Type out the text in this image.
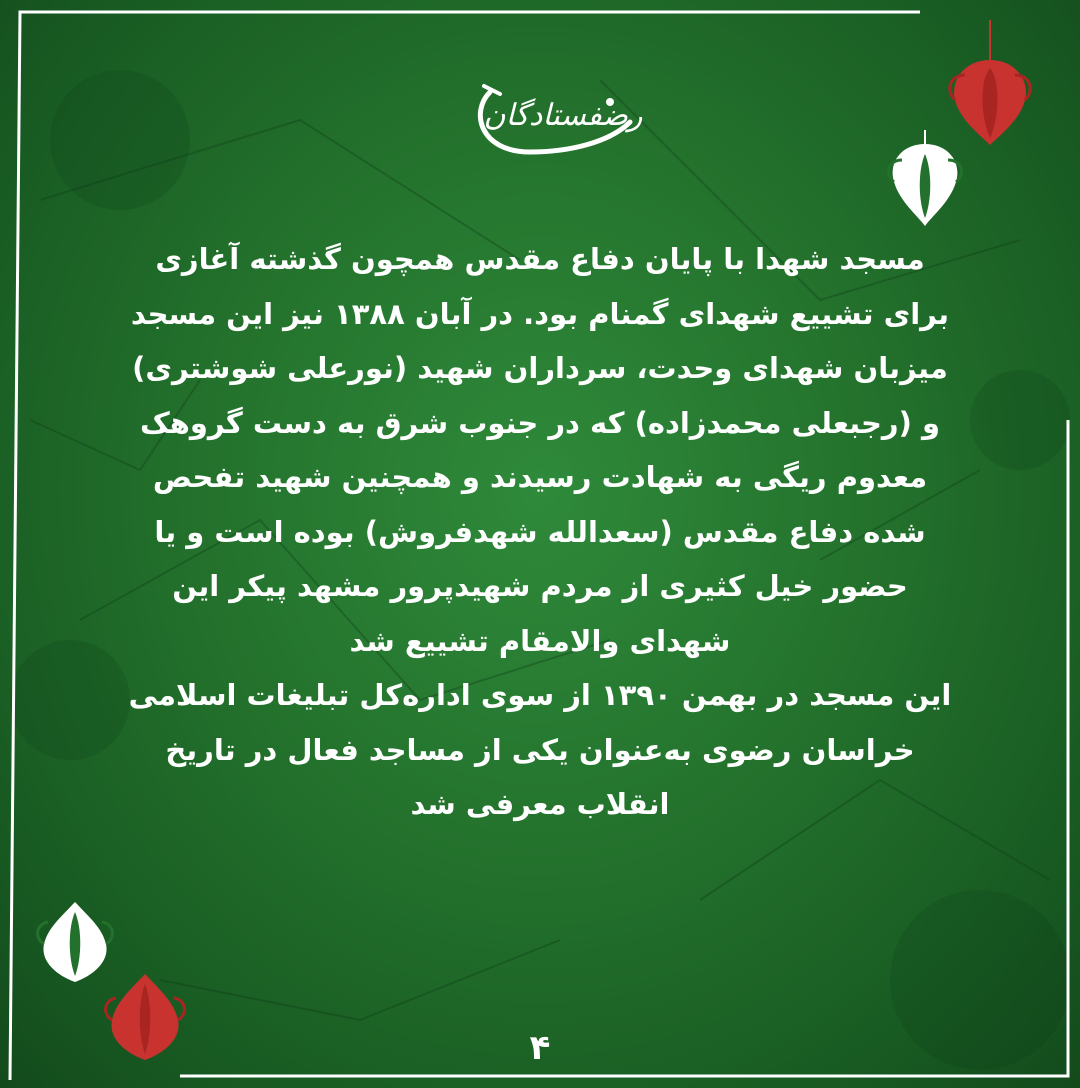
رضفستادگان
مسجد شهدا با پایان دفاع مقدس همچون گذشته آغازی برای تشییع شهدای گمنام بود. در آبان ۱۳۸۸ نیز این مسجد میزبان شهدای وحدت، سرداران شهید (نورعلی شوشتری) و (رجبعلی محمدزاده) که در جنوب شرق به دست گروهک معدوم ریگی به شهادت رسیدند و همچنین شهید تفحص شده دفاع مقدس (سعدالله شهدفروش) بوده است و یا حضور خیل کثیری از مردم شهیدپرور مشهد پیکر این شهدای والامقام تشییع شد
این مسجد در بهمن ۱۳۹۰ از سوی اداره‌کل تبلیغات اسلامی خراسان رضوی به‌عنوان یکی از مساجد فعال در تاریخ انقلاب معرفی شد
۴
